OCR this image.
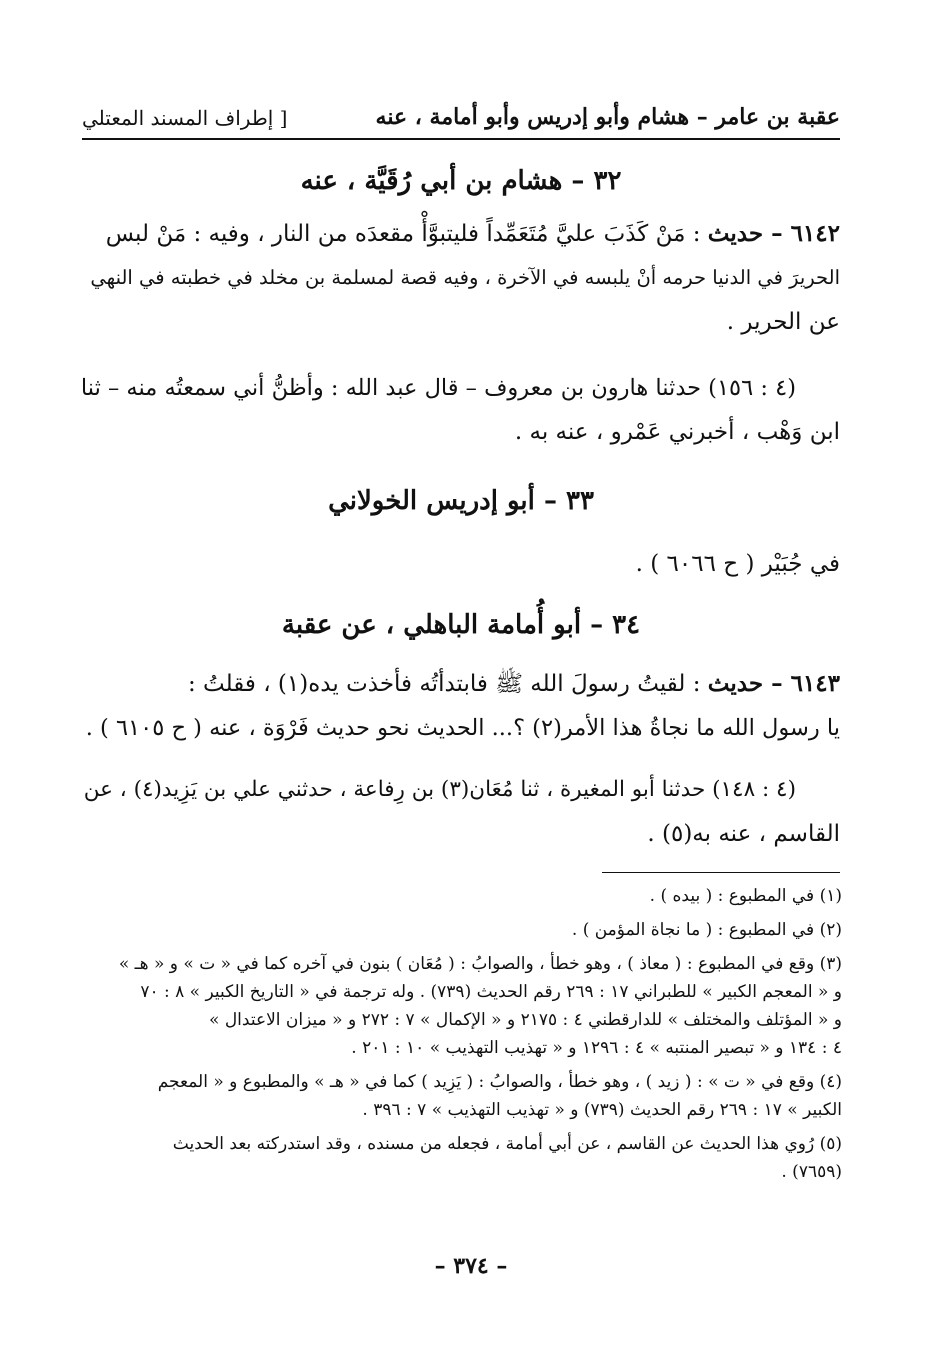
عقبة بن عامر – هشام وأبو إدريس وأبو أمامة ، عنه
[ إطراف المسند المعتلي
٣٢ – هشام بن أبي رُقَيَّة ، عنه
٦١٤٢ – حديث : مَنْ كَذَبَ عليَّ مُتَعَمِّداً فليتبوَّأْ مقعدَه من النار ، وفيه : مَنْ لبس
الحريرَ في الدنيا حرمه أنْ يلبسه في الآخرة ، وفيه قصة لمسلمة بن مخلد في خطبته في النهي
عن الحرير .
(٤ : ١٥٦) حدثنا هارون بن معروف – قال عبد الله : وأظنُّ أني سمعتُه منه – ثنا
ابن وَهْب ، أخبرني عَمْرو ، عنه به .
٣٣ – أبو إدريس الخولاني
في جُبَيْر ( ح ٦٠٦٦ ) .
٣٤ – أبو أُمامة الباهلي ، عن عقبة
٦١٤٣ – حديث : لقيتُ رسولَ الله ﷺ فابتدأتُه فأخذت يده(١) ، فقلتُ :
يا رسول الله ما نجاةُ هذا الأمر(٢) ؟... الحديث نحو حديث فَرْوَة ، عنه ( ح ٦١٠٥ ) .
(٤ : ١٤٨) حدثنا أبو المغيرة ، ثنا مُعَان(٣) بن رِفاعة ، حدثني علي بن يَزِيد(٤) ، عن
القاسم ، عنه به(٥) .
(١) في المطبوع : ( بيده ) .
(٢) في المطبوع : ( ما نجاة المؤمن ) .
(٣) وقع في المطبوع : ( معاذ ) ، وهو خطأ ، والصوابُ : ( مُعَان ) بنون في آخره كما في « ت » و « هـ »
و « المعجم الكبير » للطبراني ١٧ : ٢٦٩ رقم الحديث (٧٣٩) . وله ترجمة في « التاريخ الكبير » ٨ : ٧٠
و « المؤتلف والمختلف » للدارقطني ٤ : ٢١٧٥ و « الإكمال » ٧ : ٢٧٢ و « ميزان الاعتدال »
٤ : ١٣٤ و « تبصير المنتبه » ٤ : ١٢٩٦ و « تهذيب التهذيب » ١٠ : ٢٠١ .
(٤) وقع في « ت » : ( زيد ) ، وهو خطأ ، والصوابُ : ( يَزِيد ) كما في « هـ » والمطبوع و « المعجم
الكبير » ١٧ : ٢٦٩ رقم الحديث (٧٣٩) و « تهذيب التهذيب » ٧ : ٣٩٦ .
(٥) رُوي هذا الحديث عن القاسم ، عن أبي أمامة ، فجعله من مسنده ، وقد استدركته بعد الحديث
(٧٦٥٩) .
– ٣٧٤ –
